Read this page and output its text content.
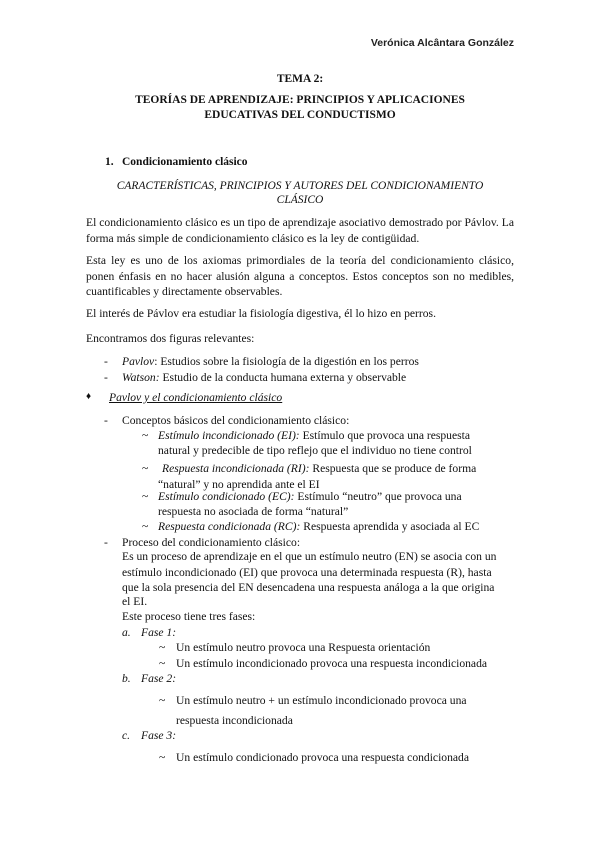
Verónica Alcântara González
TEMA 2:
TEORÍAS DE APRENDIZAJE: PRINCIPIOS Y APLICACIONES EDUCATIVAS DEL CONDUCTISMO
1. Condicionamiento clásico
CARACTERÍSTICAS, PRINCIPIOS Y AUTORES DEL CONDICIONAMIENTO CLÁSICO
El condicionamiento clásico es un tipo de aprendizaje asociativo demostrado por Pávlov. La forma más simple de condicionamiento clásico es la ley de contigüidad.
Esta ley es uno de los axiomas primordiales de la teoría del condicionamiento clásico, ponen énfasis en no hacer alusión alguna a conceptos. Estos conceptos son no medibles, cuantificables y directamente observables.
El interés de Pávlov era estudiar la fisiología digestiva, él lo hizo en perros.
Encontramos dos figuras relevantes:
- Pavlov: Estudios sobre la fisiología de la digestión en los perros
- Watson: Estudio de la conducta humana externa y observable
♦ Pavlov y el condicionamiento clásico
- Conceptos básicos del condicionamiento clásico:
~ Estímulo incondicionado (EI): Estímulo que provoca una respuesta
natural y predecible de tipo reflejo que el individuo no tiene control
~ Respuesta incondicionada (RI): Respuesta que se produce de forma
“natural” y no aprendida ante el EI
~ Estímulo condicionado (EC): Estímulo “neutro” que provoca una
respuesta no asociada de forma “natural”
~ Respuesta condicionada (RC): Respuesta aprendida y asociada al EC
- Proceso del condicionamiento clásico:
Es un proceso de aprendizaje en el que un estímulo neutro (EN) se asocia con un
estímulo incondicionado (EI) que provoca una determinada respuesta (R), hasta
que la sola presencia del EN desencadena una respuesta análoga a la que origina
el EI.
Este proceso tiene tres fases:
a. Fase 1:
~ Un estímulo neutro provoca una Respuesta orientación
~ Un estímulo incondicionado provoca una respuesta incondicionada
b. Fase 2:
~ Un estímulo neutro + un estímulo incondicionado provoca una
respuesta incondicionada
c. Fase 3:
~ Un estímulo condicionado provoca una respuesta condicionada
